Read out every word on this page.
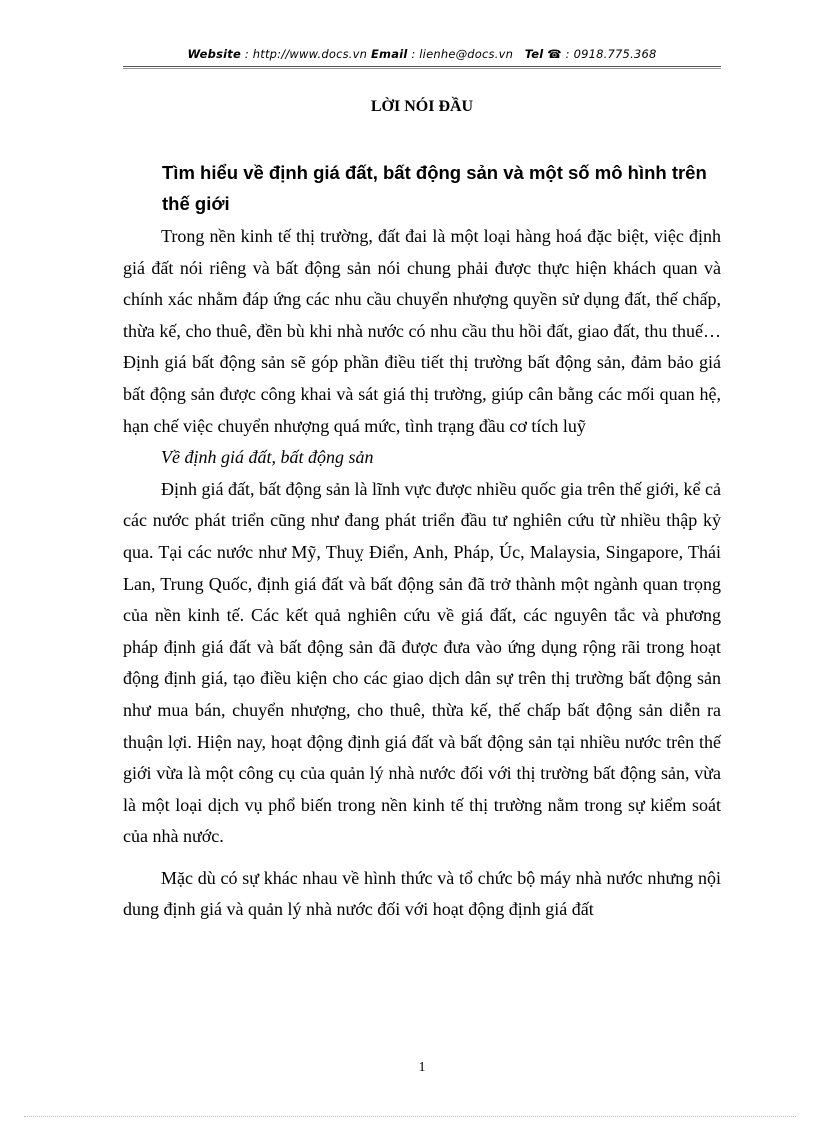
Website : http://www.docs.vn Email : lienhe@docs.vn Tel ☎ : 0918.775.368
LỜI NÓI ĐẦU
Tìm hiểu về định giá đất, bất động sản và một số mô hình trên thế giới

Trong nền kinh tế thị trường, đất đai là một loại hàng hoá đặc biệt, việc định giá đất nói riêng và bất động sản nói chung phải được thực hiện khách quan và chính xác nhằm đáp ứng các nhu cầu chuyển nhượng quyền sử dụng đất, thế chấp, thừa kế, cho thuê, đền bù khi nhà nước có nhu cầu thu hồi đất, giao đất, thu thuế… Định giá bất động sản sẽ góp phần điều tiết thị trường bất động sản, đảm bảo giá bất động sản được công khai và sát giá thị trường, giúp cân bằng các mối quan hệ, hạn chế việc chuyển nhượng quá mức, tình trạng đầu cơ tích luỹ

Về định giá đất, bất động sản

Định giá đất, bất động sản là lĩnh vực được nhiều quốc gia trên thế giới, kể cả các nước phát triển cũng như đang phát triển đầu tư nghiên cứu từ nhiều thập kỷ qua. Tại các nước như Mỹ, Thuỵ Điển, Anh, Pháp, Úc, Malaysia, Singapore, Thái Lan, Trung Quốc, định giá đất và bất động sản đã trở thành một ngành quan trọng của nền kinh tế. Các kết quả nghiên cứu về giá đất, các nguyên tắc và phương pháp định giá đất và bất động sản đã được đưa vào ứng dụng rộng rãi trong hoạt động định giá, tạo điều kiện cho các giao dịch dân sự trên thị trường bất động sản như mua bán, chuyển nhượng, cho thuê, thừa kế, thế chấp bất động sản diễn ra thuận lợi. Hiện nay, hoạt động định giá đất và bất động sản tại nhiều nước trên thế giới vừa là một công cụ của quản lý nhà nước đối với thị trường bất động sản, vừa là một loại dịch vụ phổ biến trong nền kinh tế thị trường nằm trong sự kiểm soát của nhà nước.

Mặc dù có sự khác nhau về hình thức và tổ chức bộ máy nhà nước nhưng nội dung định giá và quản lý nhà nước đối với hoạt động định giá đất

1
